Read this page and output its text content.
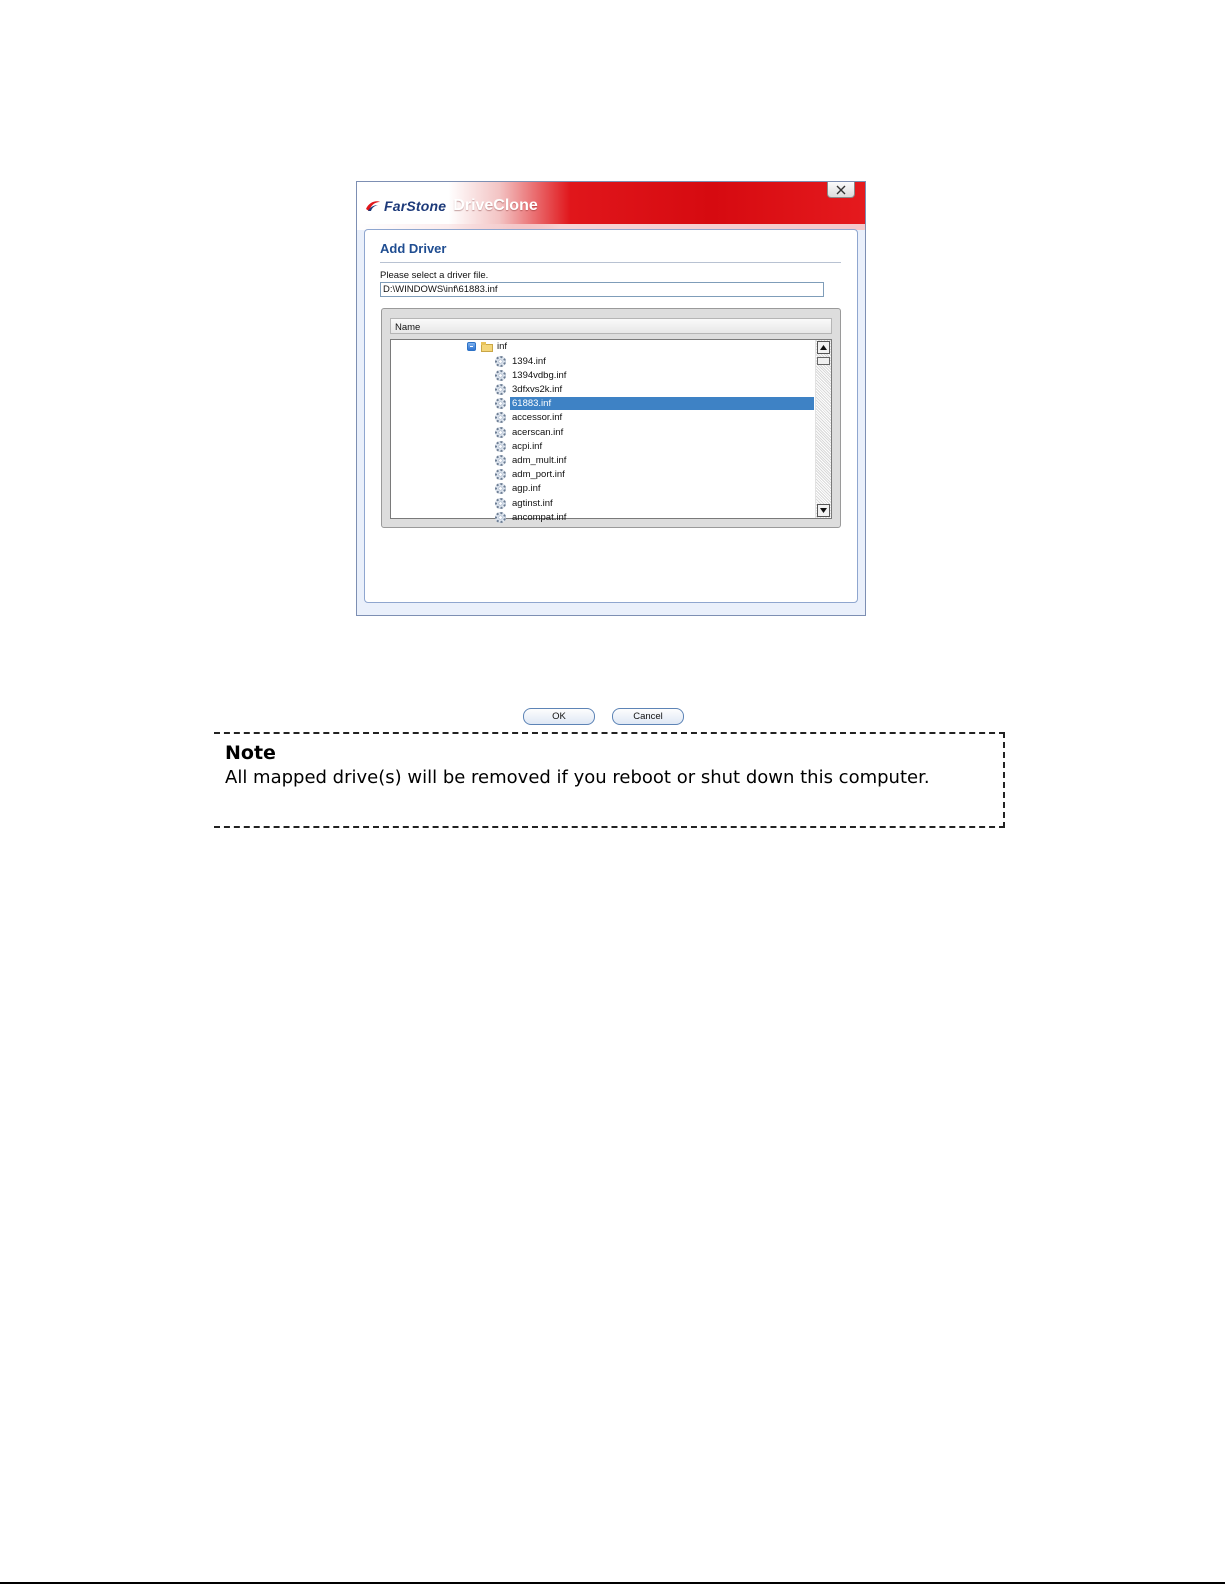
FarStone DriveClone
Add Driver
Please select a driver file.
D:\WINDOWS\inf\61883.inf
Name
inf
1394.inf
1394vdbg.inf
3dfxvs2k.inf
61883.inf
accessor.inf
acerscan.inf
acpi.inf
adm_mult.inf
adm_port.inf
agp.inf
agtinst.inf
ancompat.inf
OK	Cancel
Note
All mapped drive(s) will be removed if you reboot or shut down this computer.
